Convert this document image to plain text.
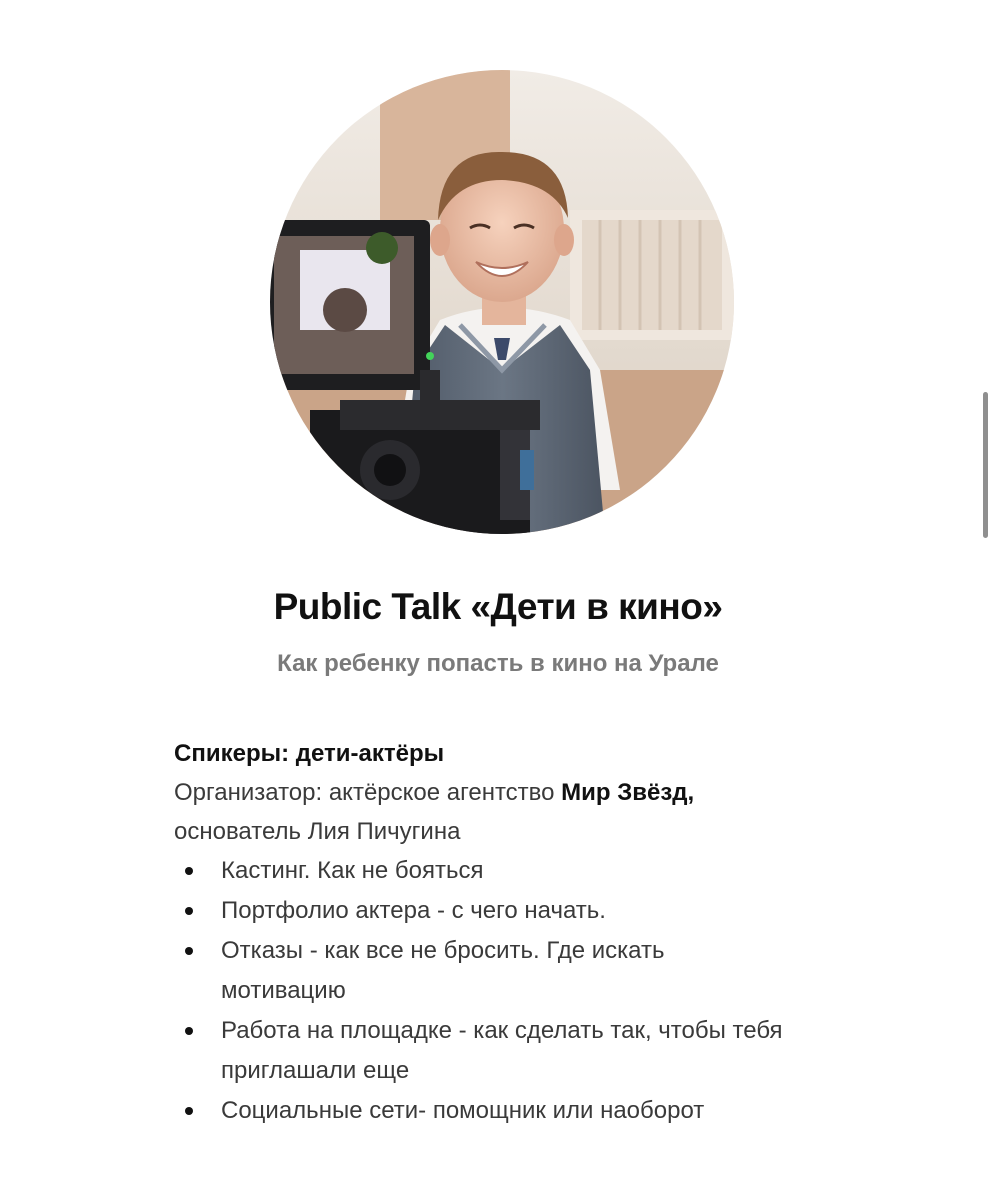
Public Talk «Дети в кино»
Как ребенку попасть в кино на Урале
Спикеры: дети-актёры
Организатор: актёрское агентство Мир Звёзд,
основатель Лия Пичугина
Кастинг. Как не бояться
Портфолио актера - с чего начать.
Отказы - как все не бросить. Где искать мотивацию
Работа на площадке - как сделать так, чтобы тебя приглашали еще
Социальные сети- помощник или наоборот
